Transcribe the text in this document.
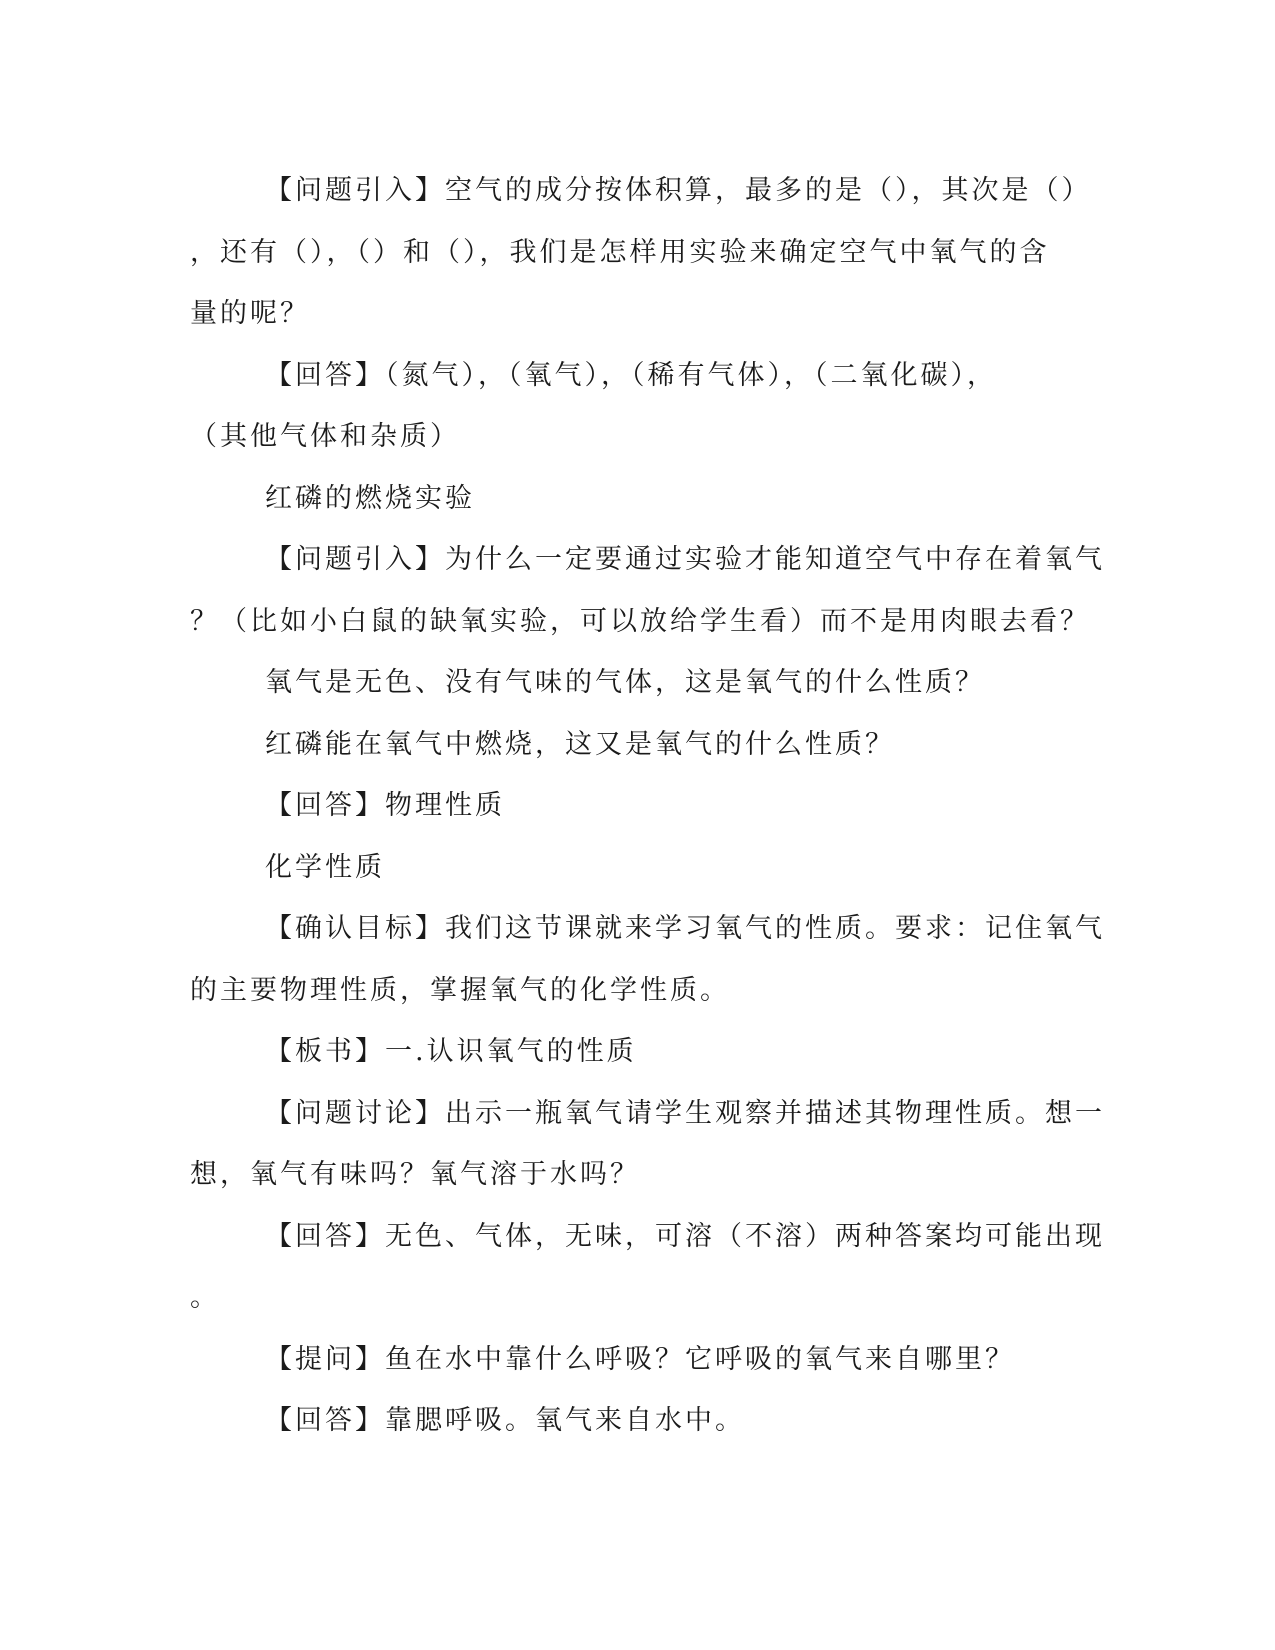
【问题引入】空气的成分按体积算，最多的是（），其次是（）
，还有（），（）和（），我们是怎样用实验来确定空气中氧气的含
量的呢？
【回答】（氮气），（氧气），（稀有气体），（二氧化碳），
（其他气体和杂质）
红磷的燃烧实验
【问题引入】为什么一定要通过实验才能知道空气中存在着氧气
？（比如小白鼠的缺氧实验，可以放给学生看）而不是用肉眼去看？
氧气是无色、没有气味的气体，这是氧气的什么性质？
红磷能在氧气中燃烧，这又是氧气的什么性质？
【回答】物理性质
化学性质
【确认目标】我们这节课就来学习氧气的性质。要求：记住氧气
的主要物理性质，掌握氧气的化学性质。
【板书】一.认识氧气的性质
【问题讨论】出示一瓶氧气请学生观察并描述其物理性质。想一
想，氧气有味吗？氧气溶于水吗？
【回答】无色、气体，无味，可溶（不溶）两种答案均可能出现
。
【提问】鱼在水中靠什么呼吸？它呼吸的氧气来自哪里？
【回答】靠腮呼吸。氧气来自水中。
